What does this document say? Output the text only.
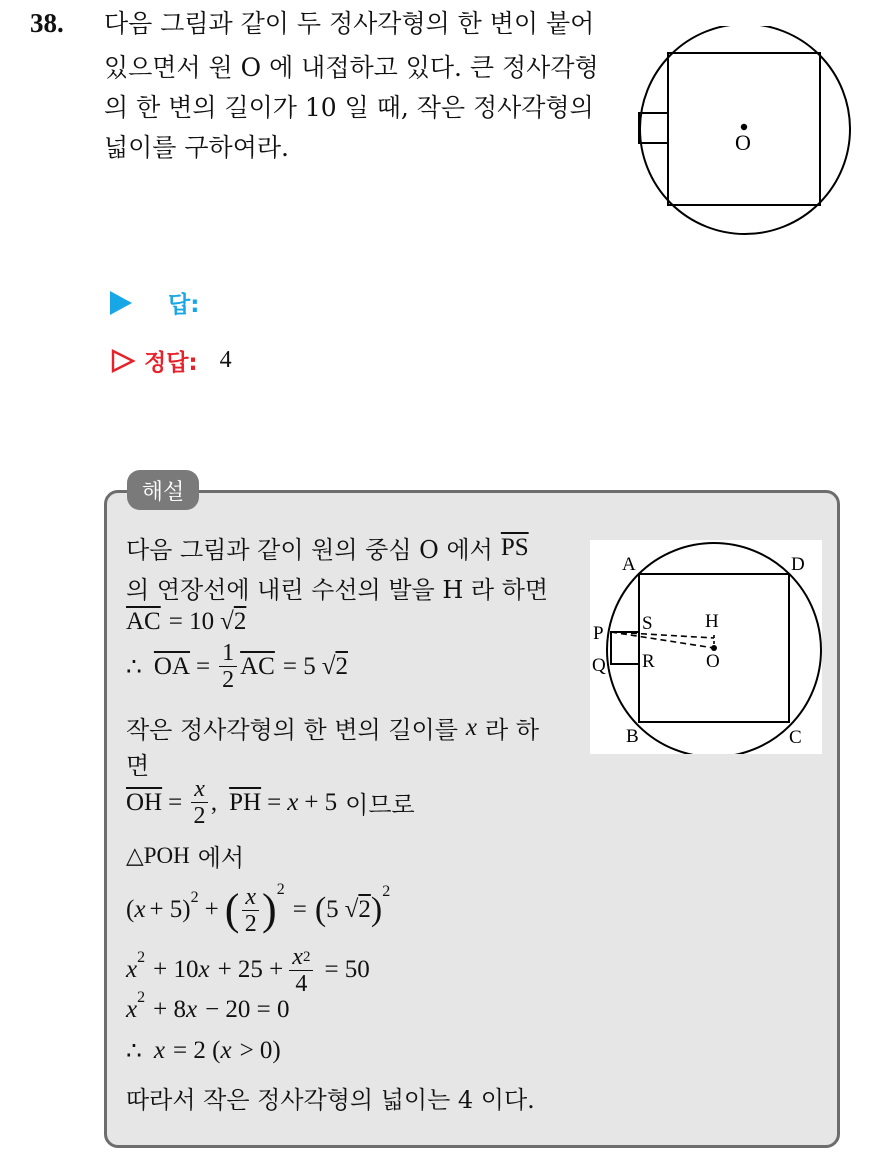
38. 다음 그림과 같이 두 정사각형의 한 변이 붙어
있으면서 원 O 에 내접하고 있다. 큰 정사각형
의 한 변의 길이가 10 일 때, 작은 정사각형의
넓이를 구하여라.	O
답:
정답: 4
해설
다음 그림과 같이 원의 중심 O 에서 $\overline{PS}$
의 연장선에 내린 수선의 발을 H 라 하면
$\overline{AC} = 10$ √ 2
∴ $\overline{OA} = \frac{1}{2} \overline{AC} = 5$ √ 2
작은 정사각형의 한 변의 길이를 x 라 하
면
$\overline{OH} = \frac{x}{2}$ , $\overline{PH} = x + 5$ 이므로
△POH 에서
( x + 5) 2 + ( $\frac{x}{2}$ ) 2
= ( 5 √ 2 ) 2
x 2 + 10 $x + 25 + \frac{x^2}{4} = 50$
x 2 + 8 x − 20 = 0
∴ x = 2 ( x > 0)
따라서 작은 정사각형의 넓이는 4 이다.
A	D
B	C
P
Q
S
R
H
O
